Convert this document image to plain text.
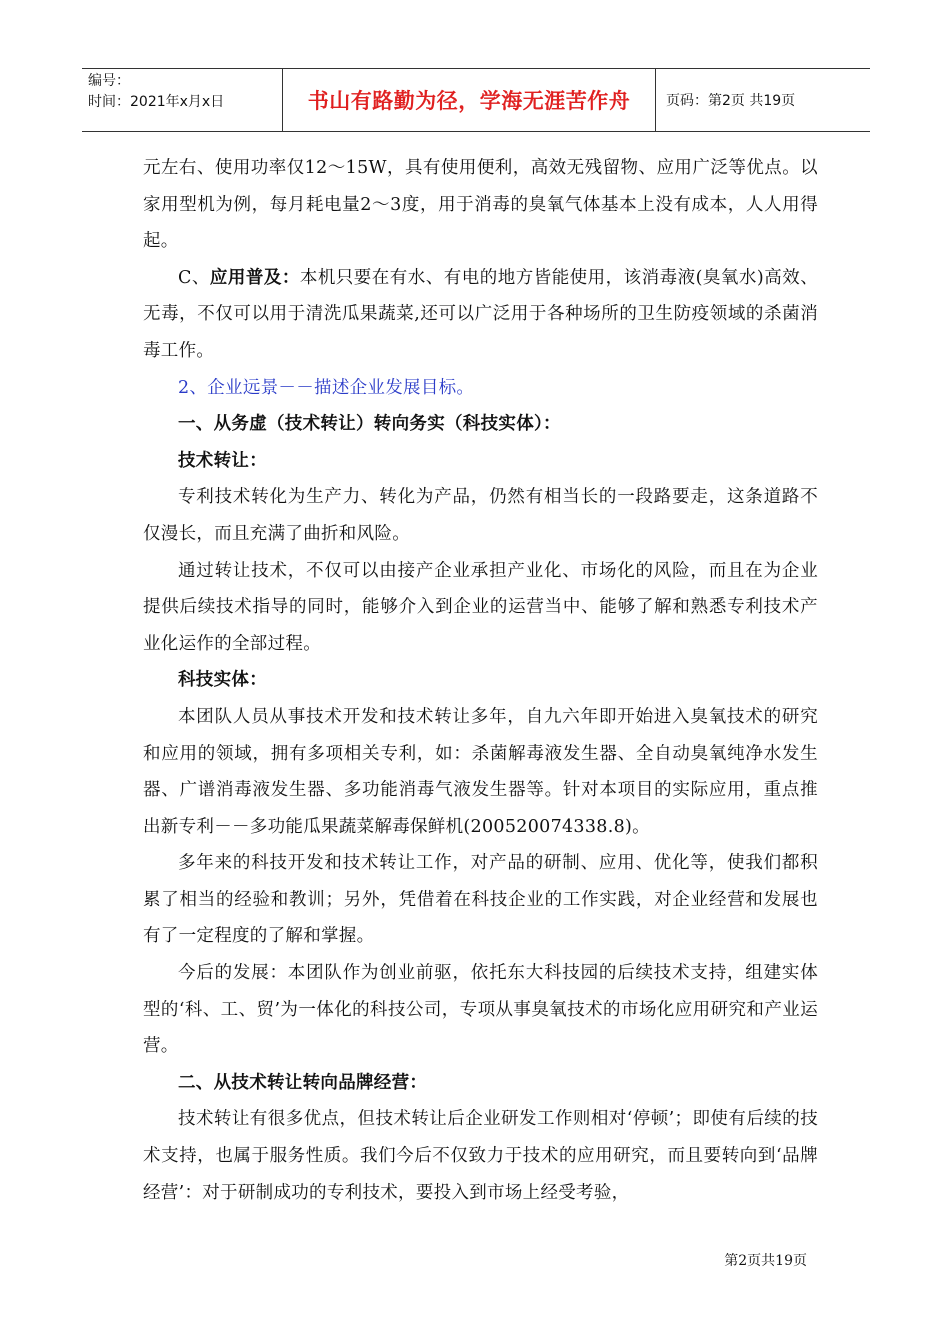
编号：
时间：2021年x月x日	书山有路勤为径，学海无涯苦作舟	页码：第2页 共19页

元左右、使用功率仅12～15W，具有使用便利，高效无残留物、应用广泛等优点。以家用型机为例，每月耗电量2～3度，用于消毒的臭氧气体基本上没有成本，人人用得起。

C、应用普及：本机只要在有水、有电的地方皆能使用，该消毒液(臭氧水)高效、无毒，不仅可以用于清洗瓜果蔬菜,还可以广泛用于各种场所的卫生防疫领域的杀菌消毒工作。

2、企业远景－－描述企业发展目标。

一、从务虚（技术转让）转向务实（科技实体）：

技术转让：

专利技术转化为生产力、转化为产品，仍然有相当长的一段路要走，这条道路不仅漫长，而且充满了曲折和风险。

通过转让技术，不仅可以由接产企业承担产业化、市场化的风险，而且在为企业提供后续技术指导的同时，能够介入到企业的运营当中、能够了解和熟悉专利技术产业化运作的全部过程。

科技实体：

本团队人员从事技术开发和技术转让多年，自九六年即开始进入臭氧技术的研究和应用的领域，拥有多项相关专利，如：杀菌解毒液发生器、全自动臭氧纯净水发生器、广谱消毒液发生器、多功能消毒气液发生器等。针对本项目的实际应用，重点推出新专利－－多功能瓜果蔬菜解毒保鲜机(200520074338.8)。

多年来的科技开发和技术转让工作，对产品的研制、应用、优化等，使我们都积累了相当的经验和教训；另外，凭借着在科技企业的工作实践，对企业经营和发展也有了一定程度的了解和掌握。

今后的发展：本团队作为创业前驱，依托东大科技园的后续技术支持，组建实体型的‘科、工、贸’为一体化的科技公司，专项从事臭氧技术的市场化应用研究和产业运营。

二、从技术转让转向品牌经营：

技术转让有很多优点，但技术转让后企业研发工作则相对‘停顿’；即使有后续的技术支持，也属于服务性质。我们今后不仅致力于技术的应用研究，而且要转向到‘品牌经营’：对于研制成功的专利技术，要投入到市场上经受考验，

第2页共19页
